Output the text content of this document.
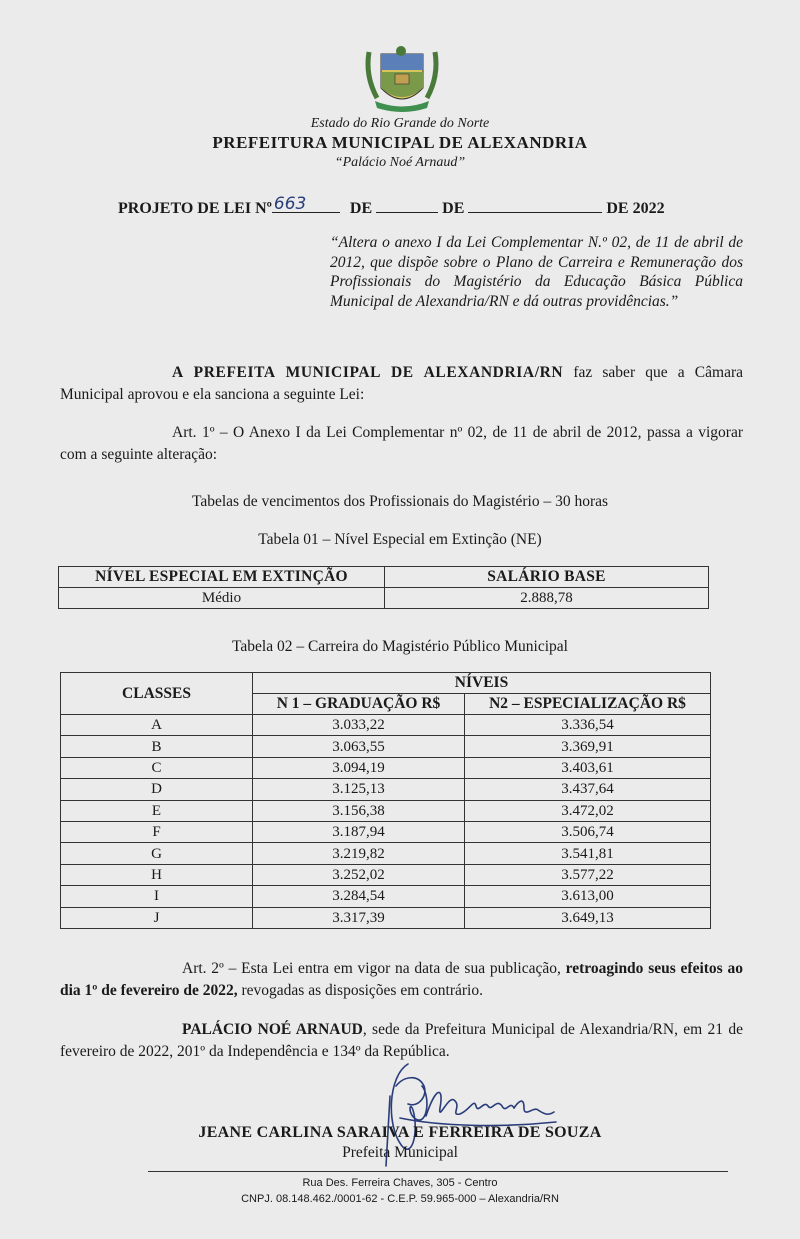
Estado do Rio Grande do Norte
PREFEITURA MUNICIPAL DE ALEXANDRIA
“Palácio Noé Arnaud”
PROJETO DE LEI Nº 663	DE	DE	DE 2022
“Altera o anexo I da Lei Complementar N.º 02, de 11 de abril de 2012, que dispõe sobre o Plano de Carreira e Remuneração dos Profissionais do Magistério da Educação Básica Pública Municipal de Alexandria/RN e dá outras providências.”
A PREFEITA MUNICIPAL DE ALEXANDRIA/RN faz saber que a Câmara Municipal aprovou e ela sanciona a seguinte Lei:
Art. 1º – O Anexo I da Lei Complementar nº 02, de 11 de abril de 2012, passa a vigorar com a seguinte alteração:
Tabelas de vencimentos dos Profissionais do Magistério – 30 horas
Tabela 01 – Nível Especial em Extinção (NE)
NÍVEL ESPECIAL EM EXTINÇÃO	SALÁRIO BASE
Médio	2.888,78
Tabela 02 – Carreira do Magistério Público Municipal
CLASSES	NÍVEIS	
	N 1 – GRADUAÇÃO R$	N2 – ESPECIALIZAÇÃO R$
A	3.033,22	3.336,54
B	3.063,55	3.369,91
C	3.094,19	3.403,61
D	3.125,13	3.437,64
E	3.156,38	3.472,02
F	3.187,94	3.506,74
G	3.219,82	3.541,81
H	3.252,02	3.577,22
I	3.284,54	3.613,00
J	3.317,39	3.649,13
Art. 2º – Esta Lei entra em vigor na data de sua publicação, retroagindo seus efeitos ao dia 1º de fevereiro de 2022, revogadas as disposições em contrário.
PALÁCIO NOÉ ARNAUD, sede da Prefeitura Municipal de Alexandria/RN, em 21 de fevereiro de 2022, 201º da Independência e 134º da República.
JEANE CARLINA SARAIVA E FERREIRA DE SOUZA
Prefeita Municipal
Rua Des. Ferreira Chaves, 305 - Centro
CNPJ. 08.148.462./0001-62 - C.E.P. 59.965-000 – Alexandria/RN
